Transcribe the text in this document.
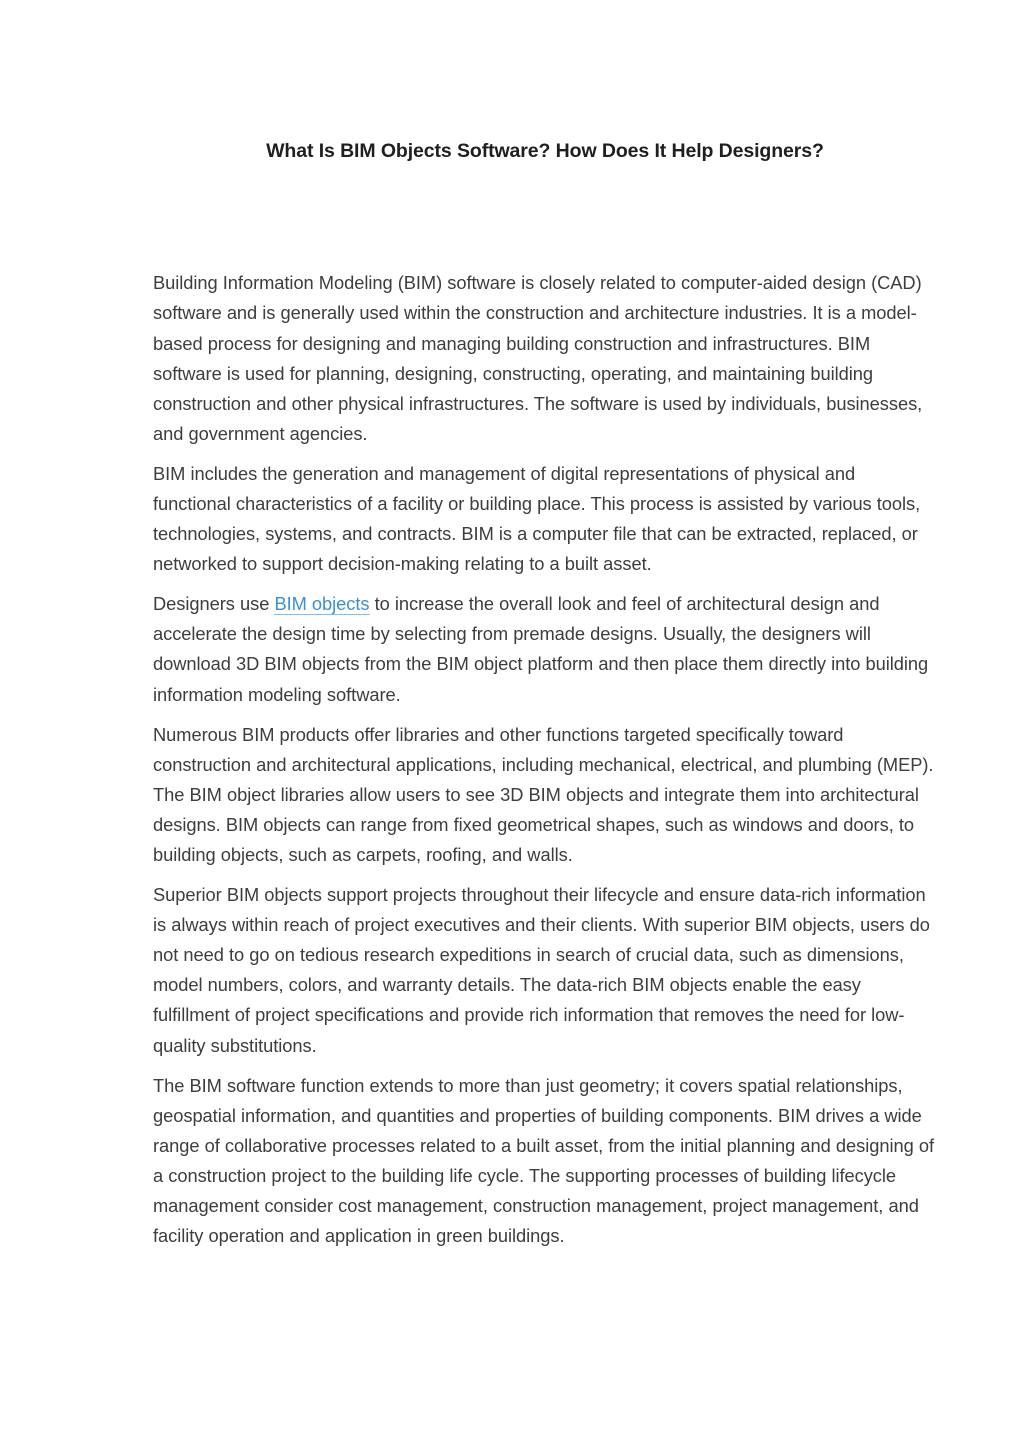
What Is BIM Objects Software? How Does It Help Designers?

Building Information Modeling (BIM) software is closely related to computer-aided design (CAD) software and is generally used within the construction and architecture industries. It is a model-based process for designing and managing building construction and infrastructures. BIM software is used for planning, designing, constructing, operating, and maintaining building construction and other physical infrastructures. The software is used by individuals, businesses, and government agencies.

BIM includes the generation and management of digital representations of physical and functional characteristics of a facility or building place. This process is assisted by various tools, technologies, systems, and contracts. BIM is a computer file that can be extracted, replaced, or networked to support decision-making relating to a built asset.

Designers use BIM objects to increase the overall look and feel of architectural design and accelerate the design time by selecting from premade designs. Usually, the designers will download 3D BIM objects from the BIM object platform and then place them directly into building information modeling software.

Numerous BIM products offer libraries and other functions targeted specifically toward construction and architectural applications, including mechanical, electrical, and plumbing (MEP). The BIM object libraries allow users to see 3D BIM objects and integrate them into architectural designs. BIM objects can range from fixed geometrical shapes, such as windows and doors, to building objects, such as carpets, roofing, and walls.

Superior BIM objects support projects throughout their lifecycle and ensure data-rich information is always within reach of project executives and their clients. With superior BIM objects, users do not need to go on tedious research expeditions in search of crucial data, such as dimensions, model numbers, colors, and warranty details. The data-rich BIM objects enable the easy fulfillment of project specifications and provide rich information that removes the need for low-quality substitutions.

The BIM software function extends to more than just geometry; it covers spatial relationships, geospatial information, and quantities and properties of building components. BIM drives a wide range of collaborative processes related to a built asset, from the initial planning and designing of a construction project to the building life cycle. The supporting processes of building lifecycle management consider cost management, construction management, project management, and facility operation and application in green buildings.
